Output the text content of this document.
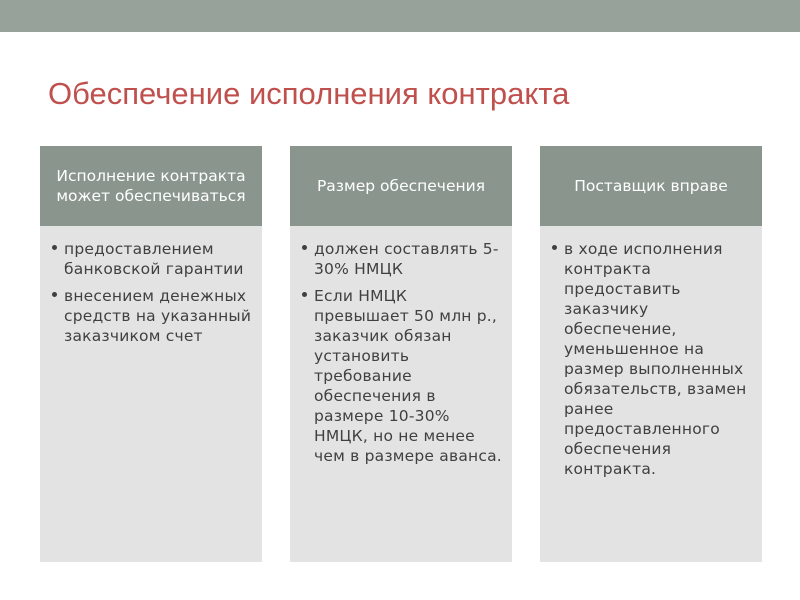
Обеспечение исполнения контракта
Исполнение контракта может обеспечиваться
предоставлением банковской гарантии
внесением денежных средств на указанный заказчиком счет
Размер обеспечения
должен составлять 5-30% НМЦК
Если НМЦК превышает 50 млн р., заказчик обязан установить требование обеспечения в размере 10-30% НМЦК, но не менее чем в размере аванса.
Поставщик вправе
в ходе исполнения контракта предоставить заказчику обеспечение, уменьшенное на размер выполненных обязательств, взамен ранее предоставленного обеспечения контракта.
